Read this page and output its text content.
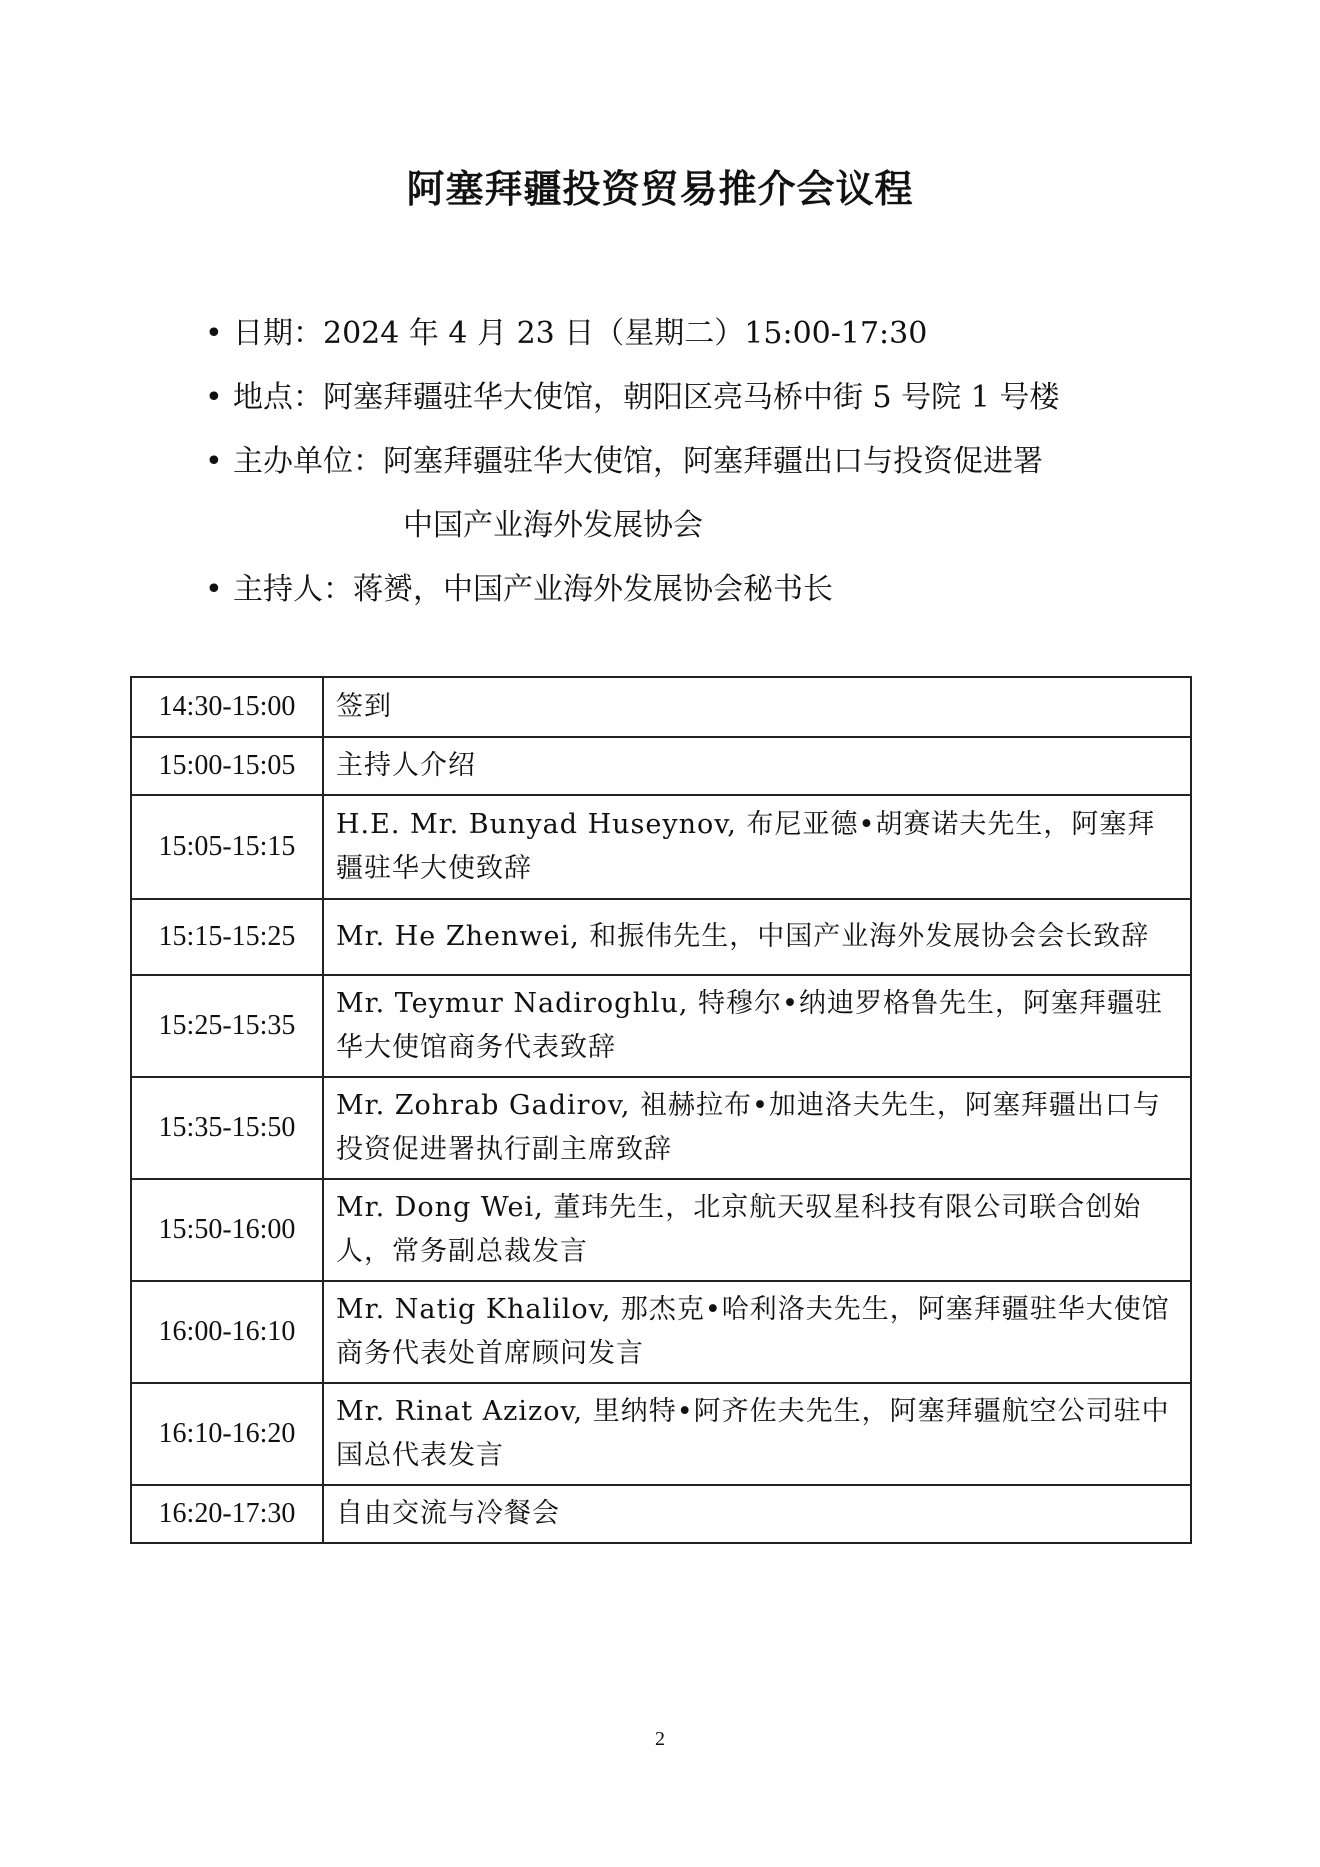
阿塞拜疆投资贸易推介会议程
• 日期：2024 年 4 月 23 日（星期二）15:00-17:30
• 地点：阿塞拜疆驻华大使馆，朝阳区亮马桥中街 5 号院 1 号楼
• 主办单位：阿塞拜疆驻华大使馆，阿塞拜疆出口与投资促进署
中国产业海外发展协会
• 主持人：蒋赟，中国产业海外发展协会秘书长
14:30-15:00	签到
15:00-15:05	主持人介绍
15:05-15:15	H.E. Mr. Bunyad Huseynov, 布尼亚德•胡赛诺夫先生，阿塞拜疆驻华大使致辞
15:15-15:25	Mr. He Zhenwei, 和振伟先生，中国产业海外发展协会会长致辞
15:25-15:35	Mr. Teymur Nadiroghlu, 特穆尔•纳迪罗格鲁先生，阿塞拜疆驻华大使馆商务代表致辞
15:35-15:50	Mr. Zohrab Gadirov, 祖赫拉布•加迪洛夫先生，阿塞拜疆出口与投资促进署执行副主席致辞
15:50-16:00	Mr. Dong Wei, 董玮先生，北京航天驭星科技有限公司联合创始人，常务副总裁发言
16:00-16:10	Mr. Natig Khalilov, 那杰克•哈利洛夫先生，阿塞拜疆驻华大使馆商务代表处首席顾问发言
16:10-16:20	Mr. Rinat Azizov, 里纳特•阿齐佐夫先生，阿塞拜疆航空公司驻中国总代表发言
16:20-17:30	自由交流与冷餐会
2
